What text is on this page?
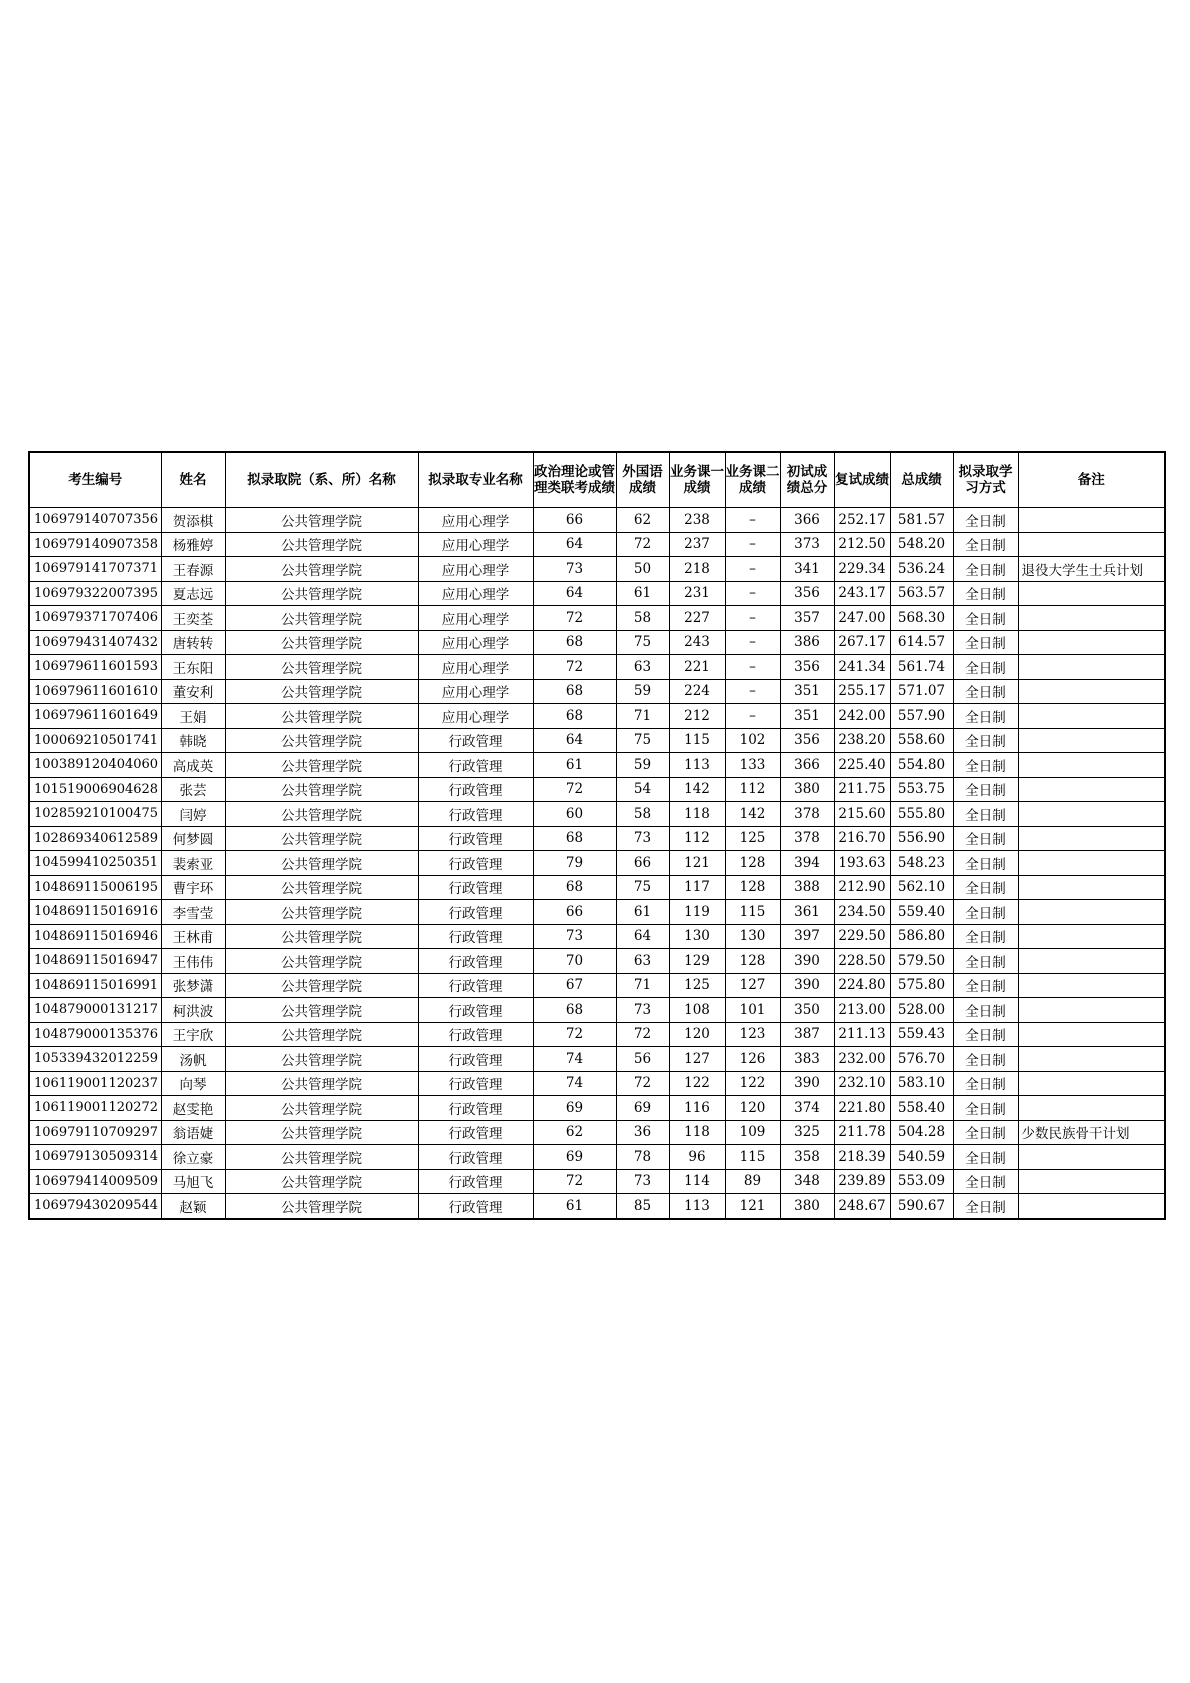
考生编号	姓名	拟录取院（系、所）名称	拟录取专业名称	政治理论或管理类联考成绩	外国语成绩	业务课一成绩	业务课二成绩	初试成绩总分	复试成绩	总成绩	拟录取学习方式	备注
106979140707356	贺添棋	公共管理学院	应用心理学	66	62	238	–	366	252.17	581.57	全日制	
106979140907358	杨雅婷	公共管理学院	应用心理学	64	72	237	–	373	212.50	548.20	全日制	
106979141707371	王春源	公共管理学院	应用心理学	73	50	218	–	341	229.34	536.24	全日制	退役大学生士兵计划
106979322007395	夏志远	公共管理学院	应用心理学	64	61	231	–	356	243.17	563.57	全日制	
106979371707406	王奕荃	公共管理学院	应用心理学	72	58	227	–	357	247.00	568.30	全日制	
106979431407432	唐转转	公共管理学院	应用心理学	68	75	243	–	386	267.17	614.57	全日制	
106979611601593	王东阳	公共管理学院	应用心理学	72	63	221	–	356	241.34	561.74	全日制	
106979611601610	董安利	公共管理学院	应用心理学	68	59	224	–	351	255.17	571.07	全日制	
106979611601649	王娟	公共管理学院	应用心理学	68	71	212	–	351	242.00	557.90	全日制	
100069210501741	韩晓	公共管理学院	行政管理	64	75	115	102	356	238.20	558.60	全日制	
100389120404060	高成英	公共管理学院	行政管理	61	59	113	133	366	225.40	554.80	全日制	
101519006904628	张芸	公共管理学院	行政管理	72	54	142	112	380	211.75	553.75	全日制	
102859210100475	闫婷	公共管理学院	行政管理	60	58	118	142	378	215.60	555.80	全日制	
102869340612589	何梦圆	公共管理学院	行政管理	68	73	112	125	378	216.70	556.90	全日制	
104599410250351	裴索亚	公共管理学院	行政管理	79	66	121	128	394	193.63	548.23	全日制	
104869115006195	曹宇环	公共管理学院	行政管理	68	75	117	128	388	212.90	562.10	全日制	
104869115016916	李雪莹	公共管理学院	行政管理	66	61	119	115	361	234.50	559.40	全日制	
104869115016946	王林甫	公共管理学院	行政管理	73	64	130	130	397	229.50	586.80	全日制	
104869115016947	王伟伟	公共管理学院	行政管理	70	63	129	128	390	228.50	579.50	全日制	
104869115016991	张梦潇	公共管理学院	行政管理	67	71	125	127	390	224.80	575.80	全日制	
104879000131217	柯洪波	公共管理学院	行政管理	68	73	108	101	350	213.00	528.00	全日制	
104879000135376	王宇欣	公共管理学院	行政管理	72	72	120	123	387	211.13	559.43	全日制	
105339432012259	汤帆	公共管理学院	行政管理	74	56	127	126	383	232.00	576.70	全日制	
106119001120237	向琴	公共管理学院	行政管理	74	72	122	122	390	232.10	583.10	全日制	
106119001120272	赵雯艳	公共管理学院	行政管理	69	69	116	120	374	221.80	558.40	全日制	
106979110709297	翁语婕	公共管理学院	行政管理	62	36	118	109	325	211.78	504.28	全日制	少数民族骨干计划
106979130509314	徐立豪	公共管理学院	行政管理	69	78	96	115	358	218.39	540.59	全日制	
106979414009509	马旭飞	公共管理学院	行政管理	72	73	114	89	348	239.89	553.09	全日制	
106979430209544	赵颖	公共管理学院	行政管理	61	85	113	121	380	248.67	590.67	全日制	
